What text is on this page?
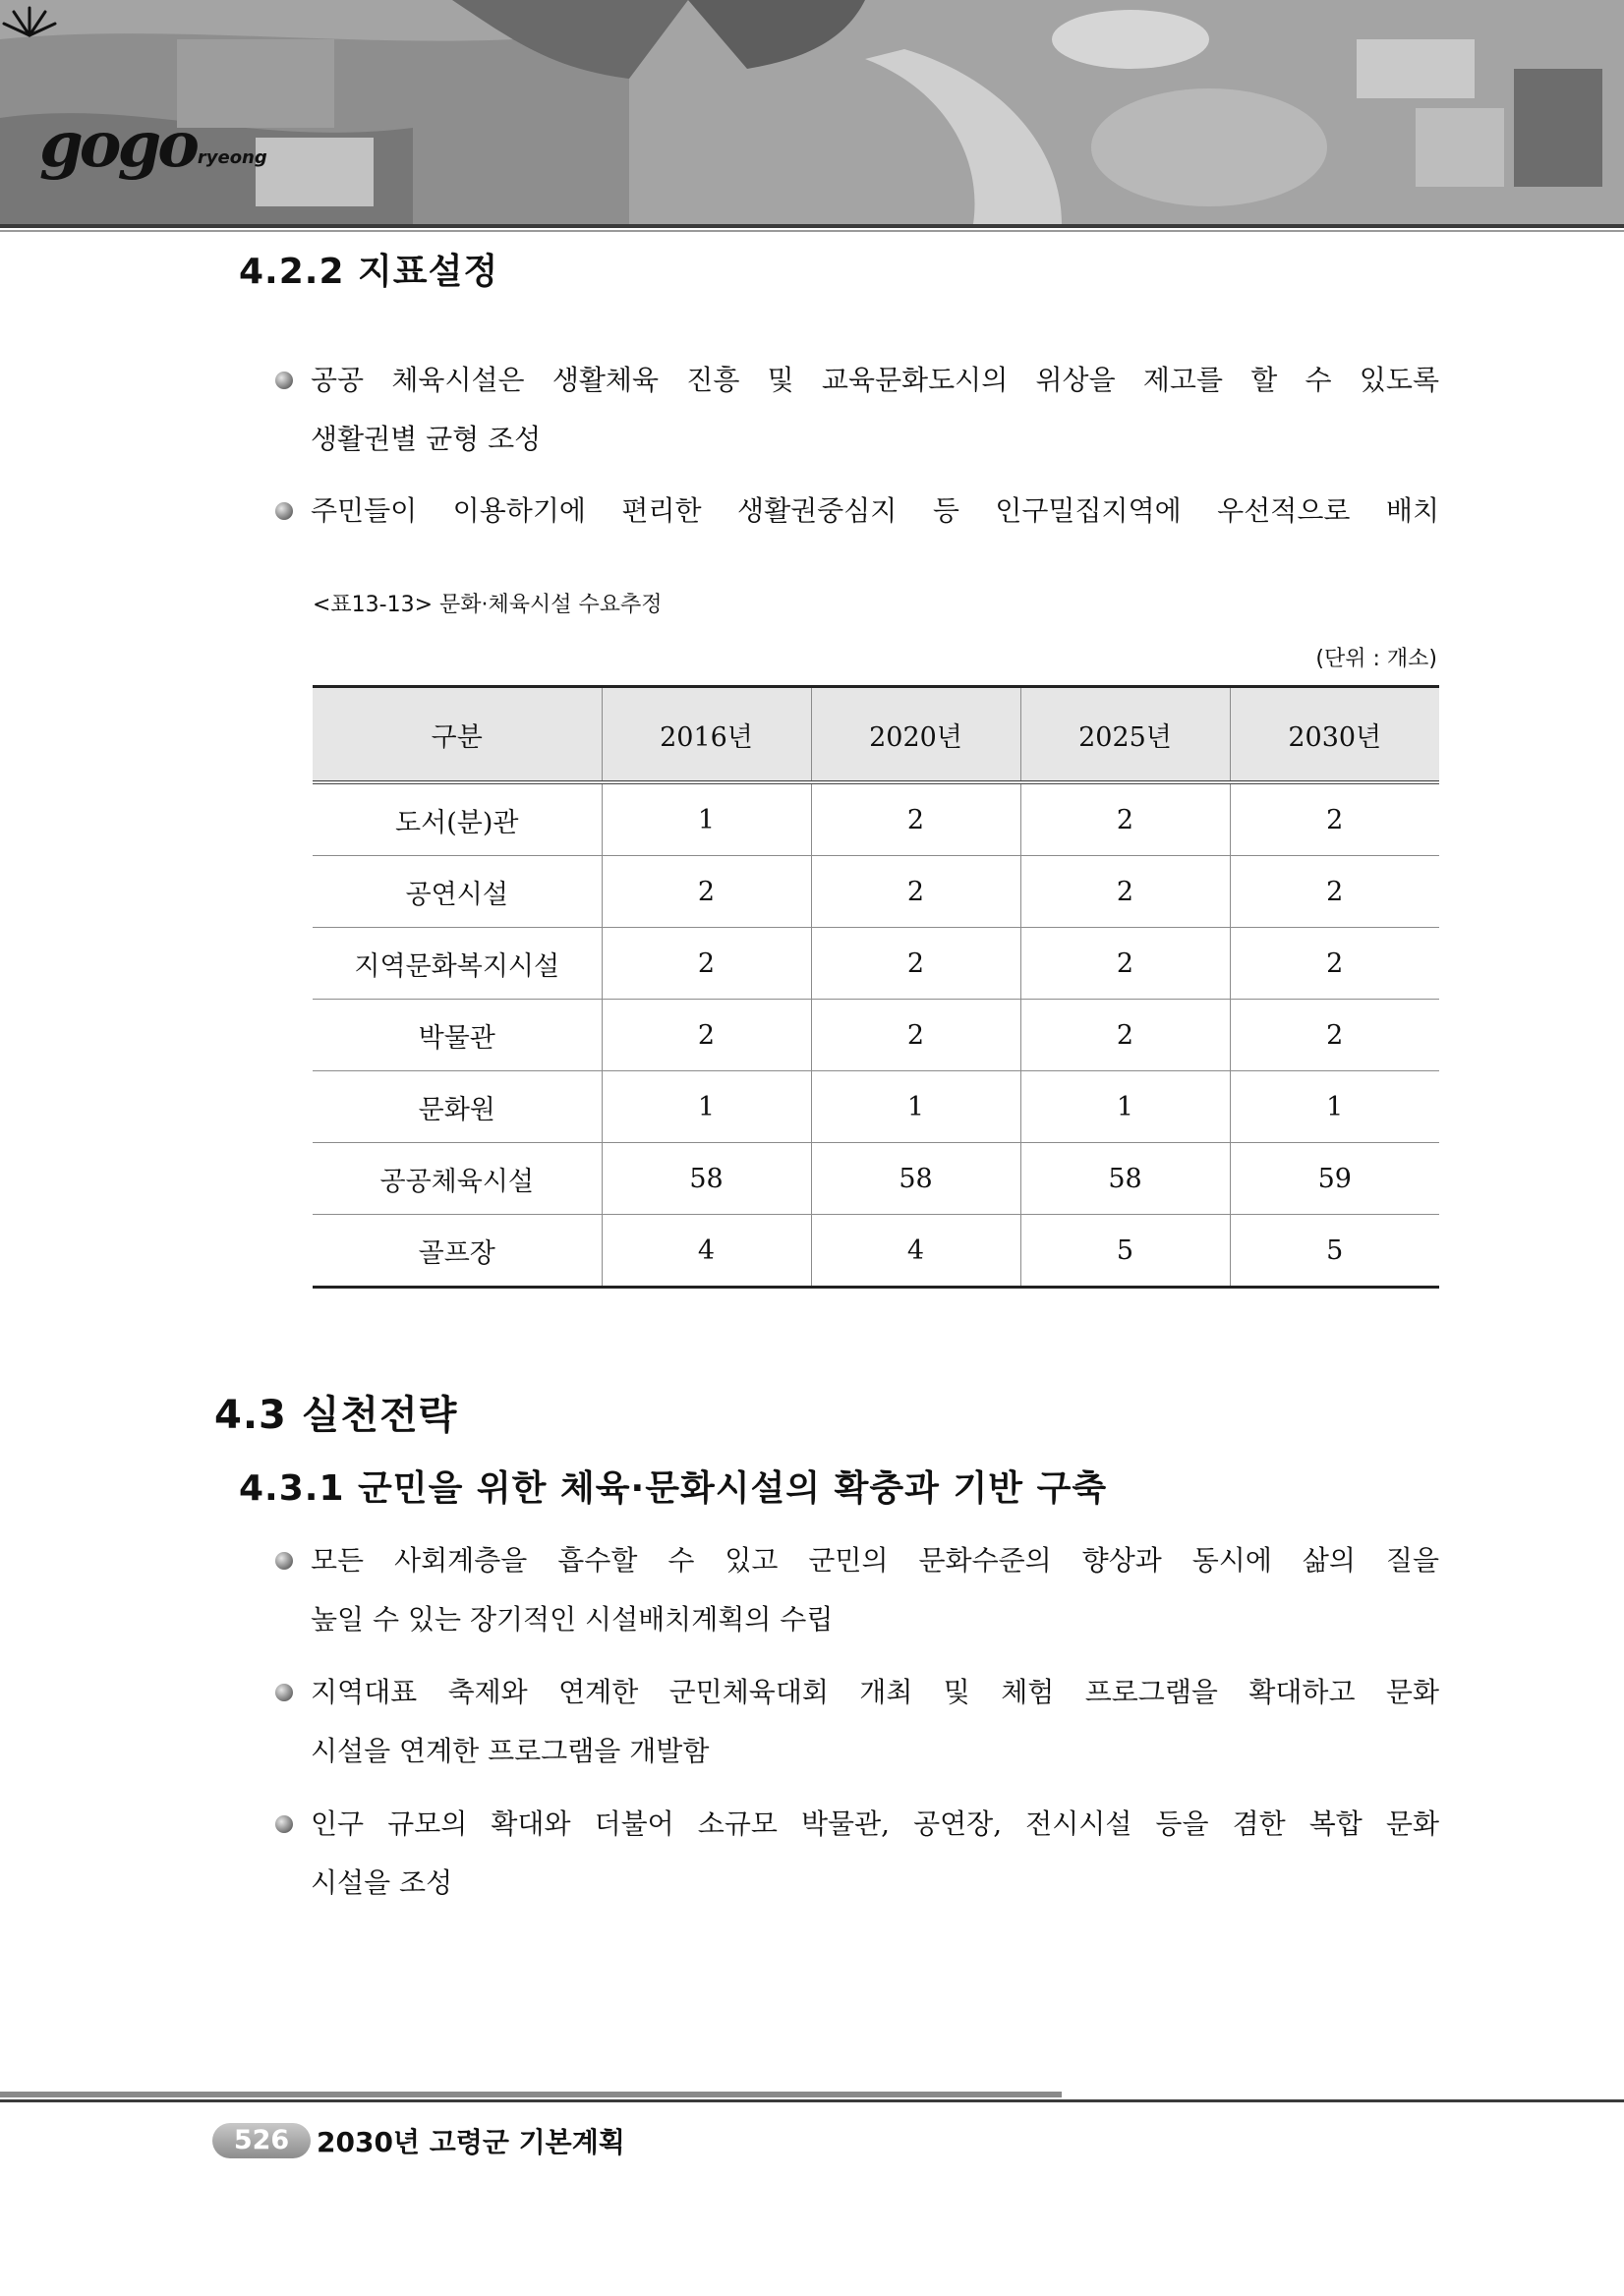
gogo ryeong
4.2.2 지표설정
공공 체육시설은 생활체육 진흥 및 교육문화도시의 위상을 제고를 할 수 있도록
생활권별 균형 조성
주민들이 이용하기에 편리한 생활권중심지 등 인구밀집지역에 우선적으로 배치
<표13-13> 문화·체육시설 수요추정
(단위 : 개소)
구분	2016년	2020년	2025년	2030년
도서(분)관	1	2	2	2
공연시설	2	2	2	2
지역문화복지시설	2	2	2	2
박물관	2	2	2	2
문화원	1	1	1	1
공공체육시설	58	58	58	59
골프장	4	4	5	5
4.3 실천전략
4.3.1 군민을 위한 체육·문화시설의 확충과 기반 구축
모든 사회계층을 흡수할 수 있고 군민의 문화수준의 향상과 동시에 삶의 질을
높일 수 있는 장기적인 시설배치계획의 수립
지역대표 축제와 연계한 군민체육대회 개최 및 체험 프로그램을 확대하고 문화
시설을 연계한 프로그램을 개발함
인구 규모의 확대와 더불어 소규모 박물관, 공연장, 전시시설 등을 겸한 복합 문화
시설을 조성
526 2030년 고령군 기본계획
